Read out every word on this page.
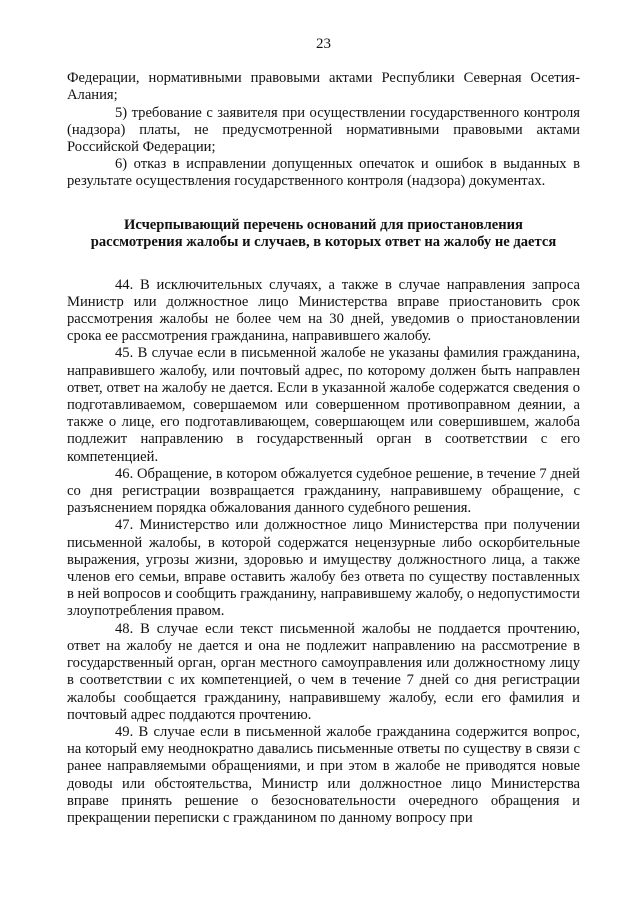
23

Федерации, нормативными правовыми актами Республики Северная Осетия-Алания;

5) требование с заявителя при осуществлении государственного контроля (надзора) платы, не предусмотренной нормативными правовыми актами Российской Федерации;

6) отказ в исправлении допущенных опечаток и ошибок в выданных в результате осуществления государственного контроля (надзора) документах.

Исчерпывающий перечень оснований для приостановления
рассмотрения жалобы и случаев, в которых ответ на жалобу не дается

44. В исключительных случаях, а также в случае направления запроса Министр или должностное лицо Министерства вправе приостановить срок рассмотрения жалобы не более чем на 30 дней, уведомив о приостановлении срока ее рассмотрения гражданина, направившего жалобу.

45. В случае если в письменной жалобе не указаны фамилия гражданина, направившего жалобу, или почтовый адрес, по которому должен быть направлен ответ, ответ на жалобу не дается. Если в указанной жалобе содержатся сведения о подготавливаемом, совершаемом или совершенном противоправном деянии, а также о лице, его подготавливающем, совершающем или совершившем, жалоба подлежит направлению в государственный орган в соответствии с его компетенцией.

46. Обращение, в котором обжалуется судебное решение, в течение 7 дней со дня регистрации возвращается гражданину, направившему обращение, с разъяснением порядка обжалования данного судебного решения.

47. Министерство или должностное лицо Министерства при получении письменной жалобы, в которой содержатся нецензурные либо оскорбительные выражения, угрозы жизни, здоровью и имуществу должностного лица, а также членов его семьи, вправе оставить жалобу без ответа по существу поставленных в ней вопросов и сообщить гражданину, направившему жалобу, о недопустимости злоупотребления правом.

48. В случае если текст письменной жалобы не поддается прочтению, ответ на жалобу не дается и она не подлежит направлению на рассмотрение в государственный орган, орган местного самоуправления или должностному лицу в соответствии с их компетенцией, о чем в течение 7 дней со дня регистрации жалобы сообщается гражданину, направившему жалобу, если его фамилия и почтовый адрес поддаются прочтению.

49. В случае если в письменной жалобе гражданина содержится вопрос, на который ему неоднократно давались письменные ответы по существу в связи с ранее направляемыми обращениями, и при этом в жалобе не приводятся новые доводы или обстоятельства, Министр или должностное лицо Министерства вправе принять решение о безосновательности очередного обращения и прекращении переписки с гражданином по данному вопросу при
